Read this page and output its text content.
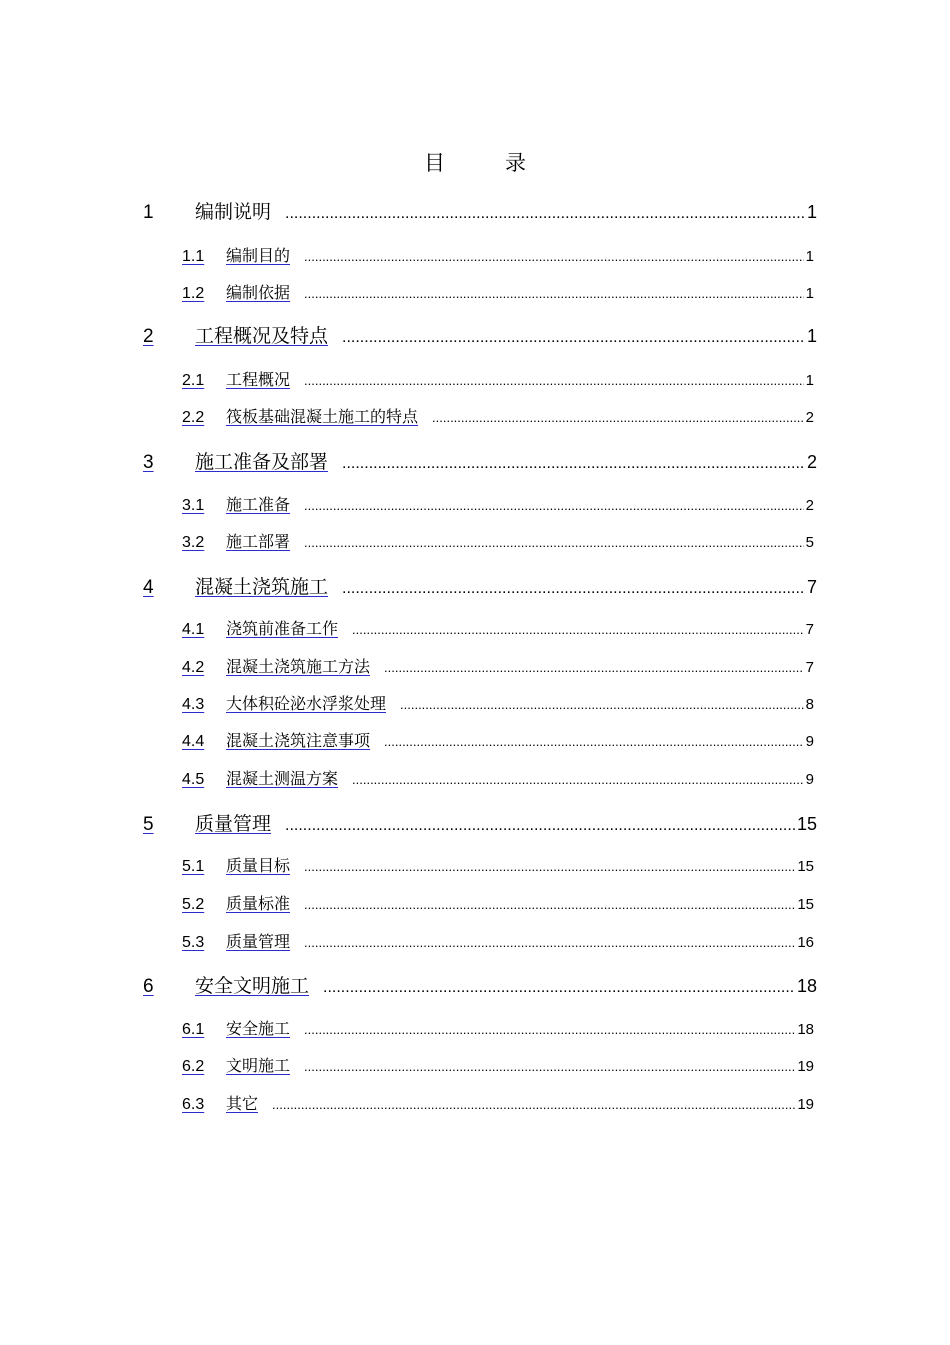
目	录
1	编制说明 .....	1
1.1	编制目的 .....	1
1.2	编制依据 .....	1
2	工程概况及特点 .....	1
2.1	工程概况 .....	1
2.2	筏板基础混凝土施工的特点 .....	2
3	施工准备及部署 .....	2
3.1	施工准备 .....	2
3.2	施工部署 .....	5
4	混凝土浇筑施工 .....	7
4.1	浇筑前准备工作 .....	7
4.2	混凝土浇筑施工方法 .....	7
4.3	大体积砼泌水浮浆处理 .....	8
4.4	混凝土浇筑注意事项 .....	9
4.5	混凝土测温方案 .....	9
5	质量管理 .....	15
5.1	质量目标 .....	15
5.2	质量标准 .....	15
5.3	质量管理 .....	16
6	安全文明施工 .....	18
6.1	安全施工 .....	18
6.2	文明施工 .....	19
6.3	其它 .....	19
